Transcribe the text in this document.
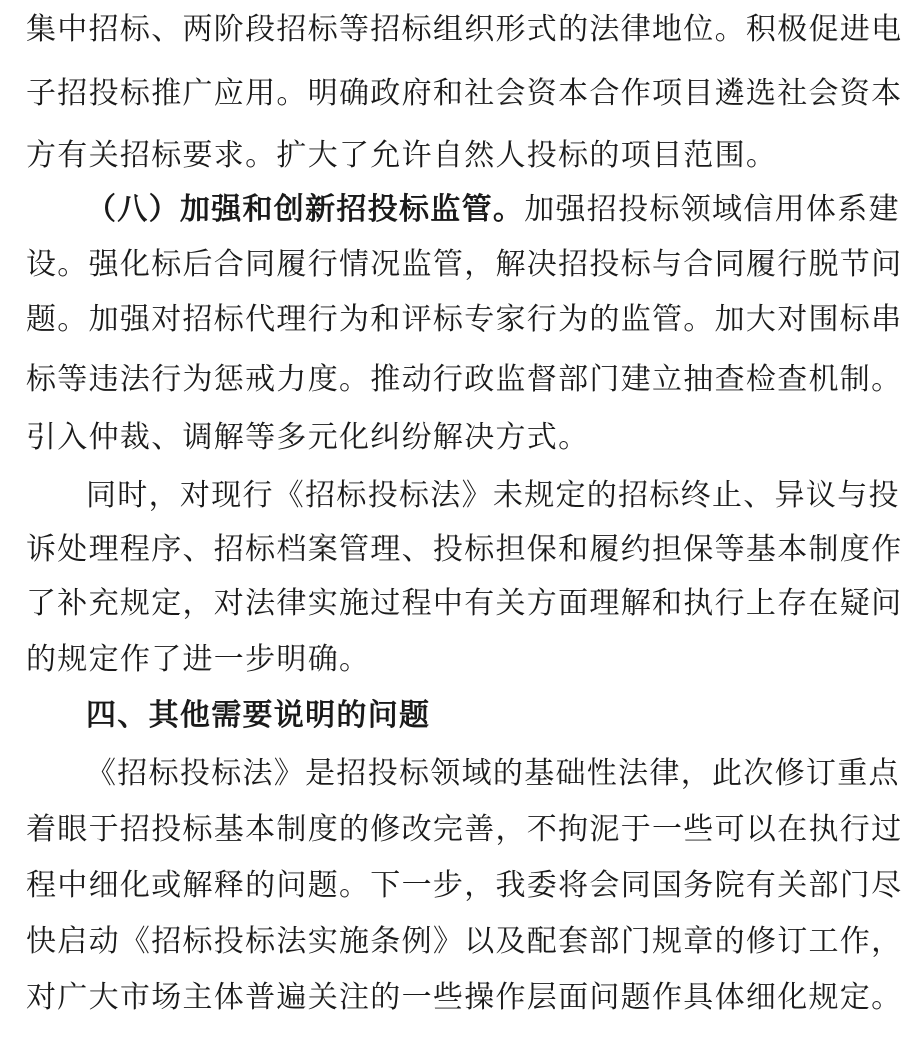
集中招标、两阶段招标等招标组织形式的法律地位。积极促进电
子招投标推广应用。明确政府和社会资本合作项目遴选社会资本
方有关招标要求。扩大了允许自然人投标的项目范围。
（八）加强和创新招投标监管。加强招投标领域信用体系建
设。强化标后合同履行情况监管，解决招投标与合同履行脱节问
题。加强对招标代理行为和评标专家行为的监管。加大对围标串
标等违法行为惩戒力度。推动行政监督部门建立抽查检查机制。
引入仲裁、调解等多元化纠纷解决方式。
同时，对现行《招标投标法》未规定的招标终止、异议与投
诉处理程序、招标档案管理、投标担保和履约担保等基本制度作
了补充规定，对法律实施过程中有关方面理解和执行上存在疑问
的规定作了进一步明确。
四、其他需要说明的问题
《招标投标法》是招投标领域的基础性法律，此次修订重点
着眼于招投标基本制度的修改完善，不拘泥于一些可以在执行过
程中细化或解释的问题。下一步，我委将会同国务院有关部门尽
快启动《招标投标法实施条例》以及配套部门规章的修订工作，
对广大市场主体普遍关注的一些操作层面问题作具体细化规定。
